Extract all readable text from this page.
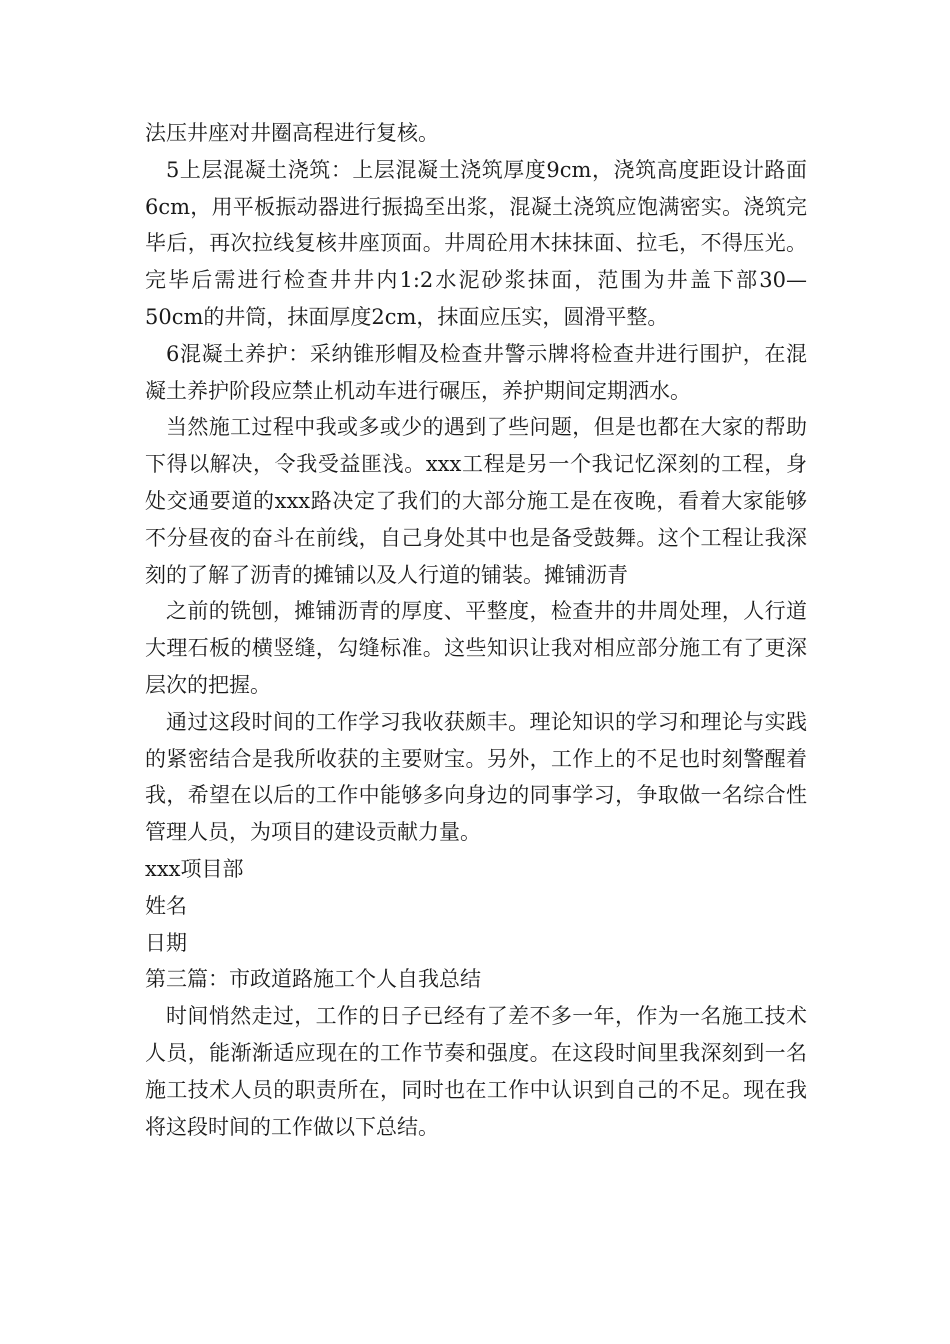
法压井座对井圈高程进行复核。

5上层混凝土浇筑：上层混凝土浇筑厚度9cm，浇筑高度距设计路面6cm，用平板振动器进行振捣至出浆，混凝土浇筑应饱满密实。浇筑完毕后，再次拉线复核井座顶面。井周砼用木抹抹面、拉毛，不得压光。完毕后需进行检查井井内1:2水泥砂浆抹面，范围为井盖下部30—50cm的井筒，抹面厚度2cm，抹面应压实，圆滑平整。

6混凝土养护：采纳锥形帽及检查井警示牌将检查井进行围护，在混凝土养护阶段应禁止机动车进行碾压，养护期间定期洒水。

当然施工过程中我或多或少的遇到了些问题，但是也都在大家的帮助下得以解决，令我受益匪浅。xxx工程是另一个我记忆深刻的工程，身处交通要道的xxx路决定了我们的大部分施工是在夜晚，看着大家能够不分昼夜的奋斗在前线，自己身处其中也是备受鼓舞。这个工程让我深刻的了解了沥青的摊铺以及人行道的铺装。摊铺沥青

之前的铣刨，摊铺沥青的厚度、平整度，检查井的井周处理，人行道大理石板的横竖缝，勾缝标准。这些知识让我对相应部分施工有了更深层次的把握。

通过这段时间的工作学习我收获颇丰。理论知识的学习和理论与实践的紧密结合是我所收获的主要财宝。另外，工作上的不足也时刻警醒着我，希望在以后的工作中能够多向身边的同事学习，争取做一名综合性管理人员，为项目的建设贡献力量。

xxx项目部

姓名

日期

第三篇：市政道路施工个人自我总结

时间悄然走过，工作的日子已经有了差不多一年，作为一名施工技术人员，能渐渐适应现在的工作节奏和强度。在这段时间里我深刻到一名施工技术人员的职责所在，同时也在工作中认识到自己的不足。现在我将这段时间的工作做以下总结。
